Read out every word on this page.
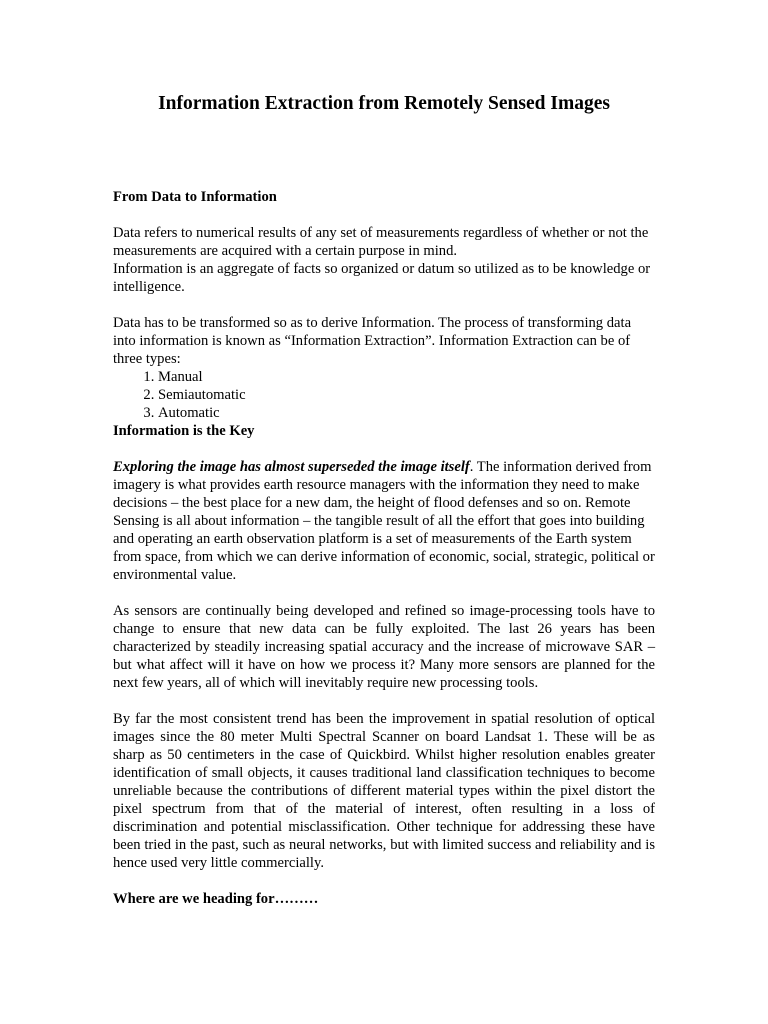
Information Extraction from Remotely Sensed Images

From Data to Information

Data refers to numerical results of any set of measurements regardless of whether or not the measurements are acquired with a certain purpose in mind.

Information is an aggregate of facts so organized or datum so utilized as to be knowledge or intelligence.

Data has to be transformed so as to derive Information. The process of transforming data into information is known as “Information Extraction”. Information Extraction can be of three types:

1. Manual
2. Semiautomatic
3. Automatic

Information is the Key

Exploring the image has almost superseded the image itself. The information derived from imagery is what provides earth resource managers with the information they need to make decisions – the best place for a new dam, the height of flood defenses and so on. Remote Sensing is all about information – the tangible result of all the effort that goes into building and operating an earth observation platform is a set of measurements of the Earth system from space, from which we can derive information of economic, social, strategic, political or environmental value.

As sensors are continually being developed and refined so image-processing tools have to change to ensure that new data can be fully exploited. The last 26 years has been characterized by steadily increasing spatial accuracy and the increase of microwave SAR – but what affect will it have on how we process it? Many more sensors are planned for the next few years, all of which will inevitably require new processing tools.

By far the most consistent trend has been the improvement in spatial resolution of optical images since the 80 meter Multi Spectral Scanner on board Landsat 1. These will be as sharp as 50 centimeters in the case of Quickbird. Whilst higher resolution enables greater identification of small objects, it causes traditional land classification techniques to become unreliable because the contributions of different material types within the pixel distort the pixel spectrum from that of the material of interest, often resulting in a loss of discrimination and potential misclassification. Other technique for addressing these have been tried in the past, such as neural networks, but with limited success and reliability and is hence used very little commercially.

Where are we heading for………
